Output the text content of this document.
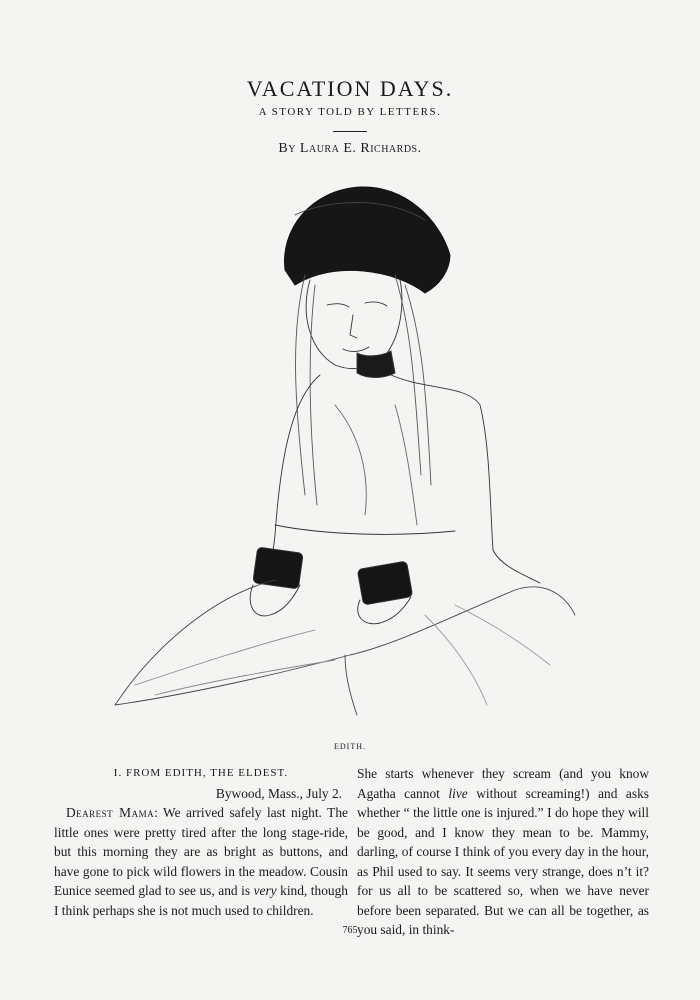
VACATION DAYS.
A STORY TOLD BY LETTERS.
By Laura E. Richards.
EDITH.

I. FROM EDITH, THE ELDEST.

Bywood, Mass., July 2.

Dearest Mama: We arrived safely last night. The little ones were pretty tired after the long stage-ride, but this morning they are as bright as buttons, and have gone to pick wild flowers in the meadow. Cousin Eunice seemed glad to see us, and is very kind, though I think perhaps she is not much used to children.

She starts whenever they scream (and you know Agatha cannot live without screaming!) and asks whether “ the little one is injured.” I do hope they will be good, and I know they mean to be. Mammy, darling, of course I think of you every day in the hour, as Phil used to say. It seems very strange, does n’t it? for us all to be scattered so, when we have never before been separated. But we can all be together, as you said, in think-

765
